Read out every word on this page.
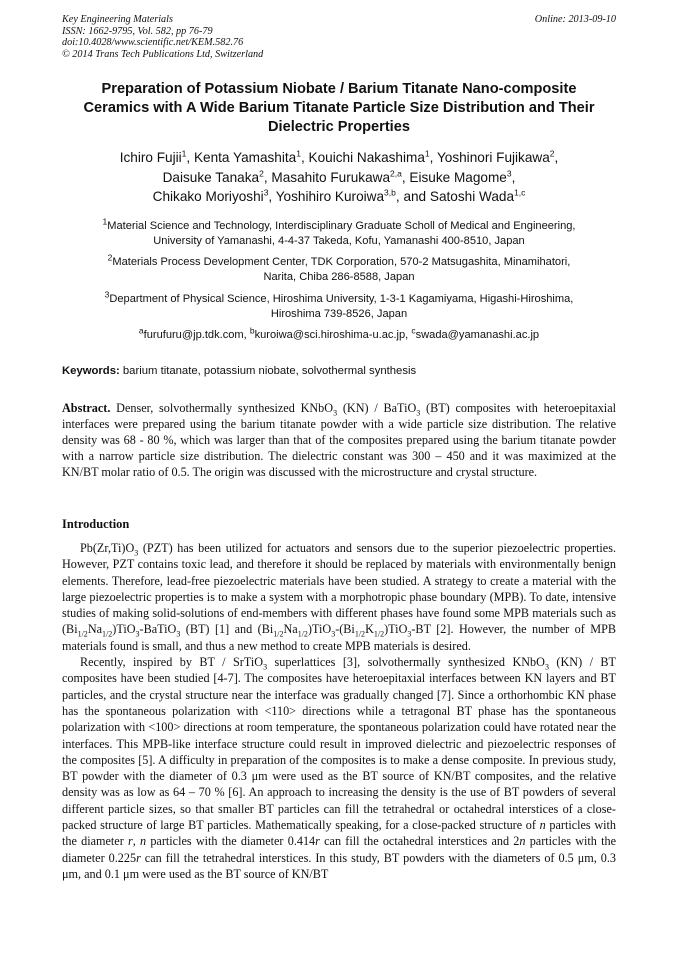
Key Engineering Materials
ISSN: 1662-9795, Vol. 582, pp 76-79
doi:10.4028/www.scientific.net/KEM.582.76
© 2014 Trans Tech Publications Ltd, Switzerland
Online: 2013-09-10
Preparation of Potassium Niobate / Barium Titanate Nano-composite Ceramics with A Wide Barium Titanate Particle Size Distribution and Their Dielectric Properties
Ichiro Fujii$^1$, Kenta Yamashita$^1$, Kouichi Nakashima$^1$, Yoshinori Fujikawa$^2$,
Daisuke Tanaka$^2$, Masahito Furukawa$^{2,a}$, Eisuke Magome$^3$,
Chikako Moriyoshi$^3$, Yoshihiro Kuroiwa$^{3,b}$, and Satoshi Wada$^{1,c}$
$^1$Material Science and Technology, Interdisciplinary Graduate Scholl of Medical and Engineering,
University of Yamanashi, 4-4-37 Takeda, Kofu, Yamanashi 400-8510, Japan
$^2$Materials Process Development Center, TDK Corporation, 570-2 Matsugashita, Minamihatori,
Narita, Chiba 286-8588, Japan
$^3$Department of Physical Science, Hiroshima University, 1-3-1 Kagamiyama, Higashi-Hiroshima,
Hiroshima 739-8526, Japan
$^a$furufuru@jp.tdk.com, $^b$kuroiwa@sci.hiroshima-u.ac.jp, $^c$swada@yamanashi.ac.jp
Keywords: barium titanate, potassium niobate, solvothermal synthesis
Abstract. Denser, solvothermally synthesized KNbO$_3$ (KN) / BaTiO$_3$ (BT) composites with heteroepitaxial interfaces were prepared using the barium titanate powder with a wide particle size distribution. The relative density was 68 - 80 %, which was larger than that of the composites prepared using the barium titanate powder with a narrow particle size distribution. The dielectric constant was 300 – 450 and it was maximized at the KN/BT molar ratio of 0.5. The origin was discussed with the microstructure and crystal structure.
Introduction

$Pb(Zr,Ti)O_3$ (PZT) has been utilized for actuators and sensors due to the superior piezoelectric properties. However, PZT contains toxic lead, and therefore it should be replaced by materials with environmentally benign elements. Therefore, lead-free piezoelectric materials have been studied. A strategy to create a material with the large piezoelectric properties is to make a system with a morphotropic phase boundary (MPB). To date, intensive studies of making solid-solutions of end-members with different phases have found some MPB materials such as $(Bi_{1/2}Na_{1/2})TiO_3-BaTiO_3$ (BT) [1] and $(Bi_{1/2}Na_{1/2})TiO_3-(Bi_{1/2}K_{1/2})TiO_3-BT$ [2]. However, the number of MPB materials found is small, and thus a new method to create MPB materials is desired.

Recently, inspired by BT / SrTiO$_3$ superlattices [3], solvothermally synthesized KNbO$_3$ (KN) / BT composites have been studied [4-7]. The composites have heteroepitaxial interfaces between KN layers and BT particles, and the crystal structure near the interface was gradually changed [7]. Since a orthorhombic KN phase has the spontaneous polarization with <110> directions while a tetragonal BT phase has the spontaneous polarization with <100> directions at room temperature, the spontaneous polarization could have rotated near the interfaces. This MPB-like interface structure could result in improved dielectric and piezoelectric responses of the composites [5]. A difficulty in preparation of the composites is to make a dense composite. In previous study, BT powder with the diameter of 0.3 μm were used as the BT source of KN/BT composites, and the relative density was as low as 64 – 70 % [6]. An approach to increasing the density is the use of BT powders of several different particle sizes, so that smaller BT particles can fill the tetrahedral or octahedral interstices of a close-packed structure of large BT particles. Mathematically speaking, for a close-packed structure of n particles with the diameter r, n particles with the diameter 0.414r can fill the octahedral interstices and 2n particles with the diameter 0.225r can fill the tetrahedral interstices. In this study, BT powders with the diameters of 0.5 μm, 0.3 μm, and 0.1 μm were used as the BT source of KN/BT
